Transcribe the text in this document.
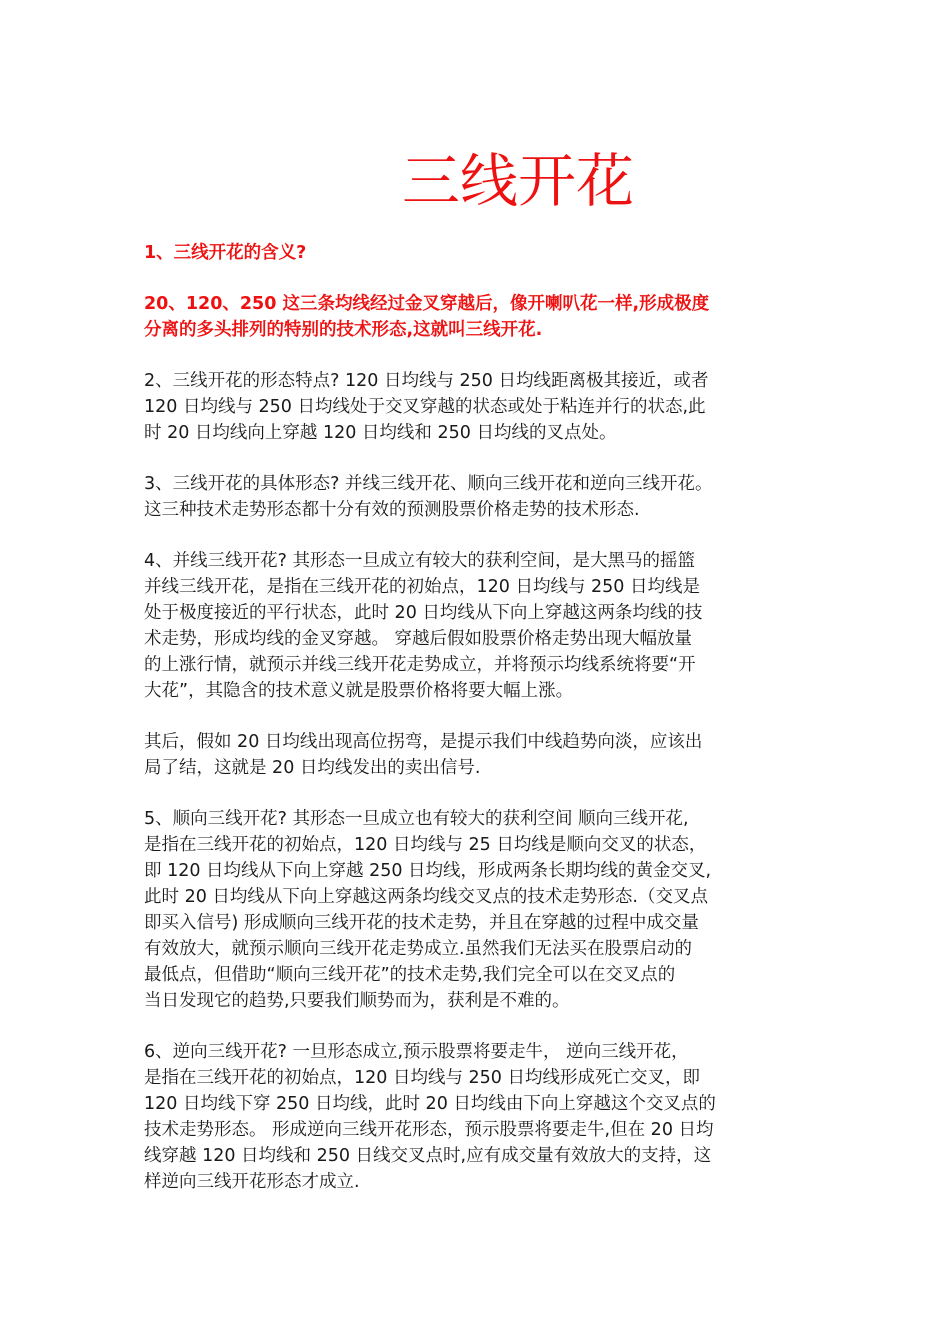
三线开花

1、三线开花的含义?

20、120、250 这三条均线经过金叉穿越后，像开喇叭花一样,形成极度
分离的多头排列的特别的技术形态,这就叫三线开花.

2、三线开花的形态特点? 120 日均线与 250 日均线距离极其接近，或者
120 日均线与 250 日均线处于交叉穿越的状态或处于粘连并行的状态,此
时 20 日均线向上穿越 120 日均线和 250 日均线的叉点处。

3、三线开花的具体形态? 并线三线开花、顺向三线开花和逆向三线开花。
这三种技术走势形态都十分有效的预测股票价格走势的技术形态.

4、并线三线开花? 其形态一旦成立有较大的获利空间，是大黑马的摇篮
并线三线开花，是指在三线开花的初始点，120 日均线与 250 日均线是
处于极度接近的平行状态，此时 20 日均线从下向上穿越这两条均线的技
术走势，形成均线的金叉穿越。 穿越后假如股票价格走势出现大幅放量
的上涨行情，就预示并线三线开花走势成立，并将预示均线系统将要“开
大花”，其隐含的技术意义就是股票价格将要大幅上涨。

其后，假如 20 日均线出现高位拐弯，是提示我们中线趋势向淡，应该出
局了结，这就是 20 日均线发出的卖出信号.

5、顺向三线开花? 其形态一旦成立也有较大的获利空间 顺向三线开花,
是指在三线开花的初始点，120 日均线与 25 日均线是顺向交叉的状态，
即 120 日均线从下向上穿越 250 日均线，形成两条长期均线的黄金交叉,
此时 20 日均线从下向上穿越这两条均线交叉点的技术走势形态.（交叉点
即买入信号) 形成顺向三线开花的技术走势，并且在穿越的过程中成交量
有效放大，就预示顺向三线开花走势成立.虽然我们无法买在股票启动的
最低点，但借助“顺向三线开花”的技术走势,我们完全可以在交叉点的
当日发现它的趋势,只要我们顺势而为，获利是不难的。

6、逆向三线开花? 一旦形态成立,预示股票将要走牛， 逆向三线开花，
是指在三线开花的初始点，120 日均线与 250 日均线形成死亡交叉，即
120 日均线下穿 250 日均线，此时 20 日均线由下向上穿越这个交叉点的
技术走势形态。 形成逆向三线开花形态，预示股票将要走牛,但在 20 日均
线穿越 120 日均线和 250 日线交叉点时,应有成交量有效放大的支持，这
样逆向三线开花形态才成立.
